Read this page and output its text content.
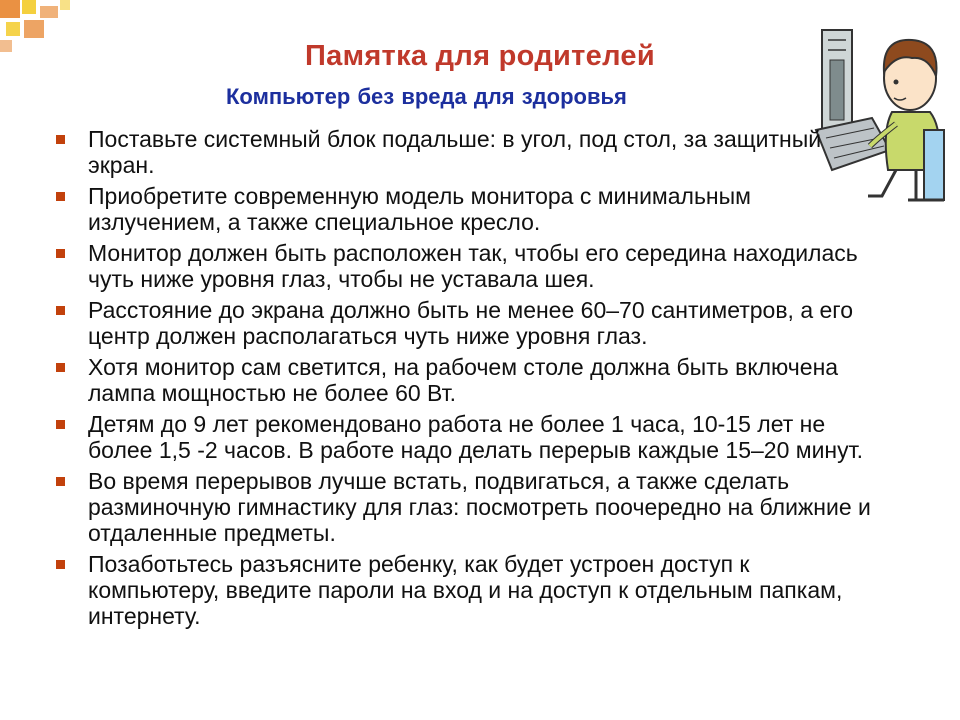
Памятка для родителей
Компьютер без вреда для здоровья
Поставьте системный блок подальше: в угол, под стол, за защитный экран.
Приобретите современную модель монитора с минимальным излучением, а также специальное кресло.
Монитор должен быть расположен так, чтобы его середина находилась чуть ниже уровня глаз, чтобы не уставала шея.
Расстояние до экрана должно быть не менее 60–70 сантиметров, а его центр должен располагаться чуть ниже уровня глаз.
Хотя монитор сам светится, на рабочем столе должна быть включена лампа мощностью не более 60 Вт.
Детям до 9 лет рекомендовано работа не более 1 часа, 10-15 лет не более 1,5 -2 часов. В работе надо делать перерыв каждые 15–20 минут.
Во время перерывов лучше встать, подвигаться, а также сделать разминочную гимнастику для глаз: посмотреть поочередно на ближние и отдаленные предметы.
Позаботьтесь разъясните ребенку, как будет устроен доступ к компьютеру, введите пароли на вход и на доступ к отдельным папкам, интернету.
